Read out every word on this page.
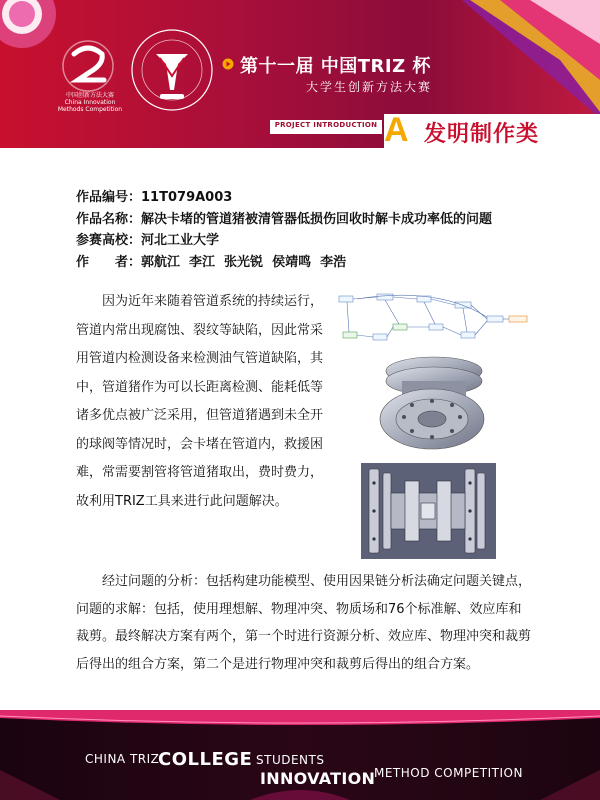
中国创新方法大赛
China Innovation Methods Competition
第十一届 中国TRIZ 杯
大学生创新方法大赛
PROJECT INTRODUCTION A 发明制作类
作品编号：11T079A003
作品名称：解决卡堵的管道猪被清管器低损伤回收时解卡成功率低的问题
参赛高校：河北工业大学
作　　者：郭航江 李江 张光锐 侯靖鸣 李浩
因为近年来随着管道系统的持续运行，管道内常出现腐蚀、裂纹等缺陷，因此常采用管道内检测设备来检测油气管道缺陷，其中，管道猪作为可以长距离检测、能耗低等诸多优点被广泛采用，但管道猪遇到未全开的球阀等情况时，会卡堵在管道内，救援困难，常需要割管将管道猪取出，费时费力，故利用TRIZ工具来进行此问题解决。
经过问题的分析：包括构建功能模型、使用因果链分析法确定问题关键点，问题的求解：包括，使用理想解、物理冲突、物质场和76个标准解、效应库和裁剪。最终解决方案有两个，第一个时进行资源分析、效应库、物理冲突和裁剪后得出的组合方案，第二个是进行物理冲突和裁剪后得出的组合方案。
CHINA TRIZ
COLLEGE STUDENTS
INNOVATION
METHOD COMPETITION
